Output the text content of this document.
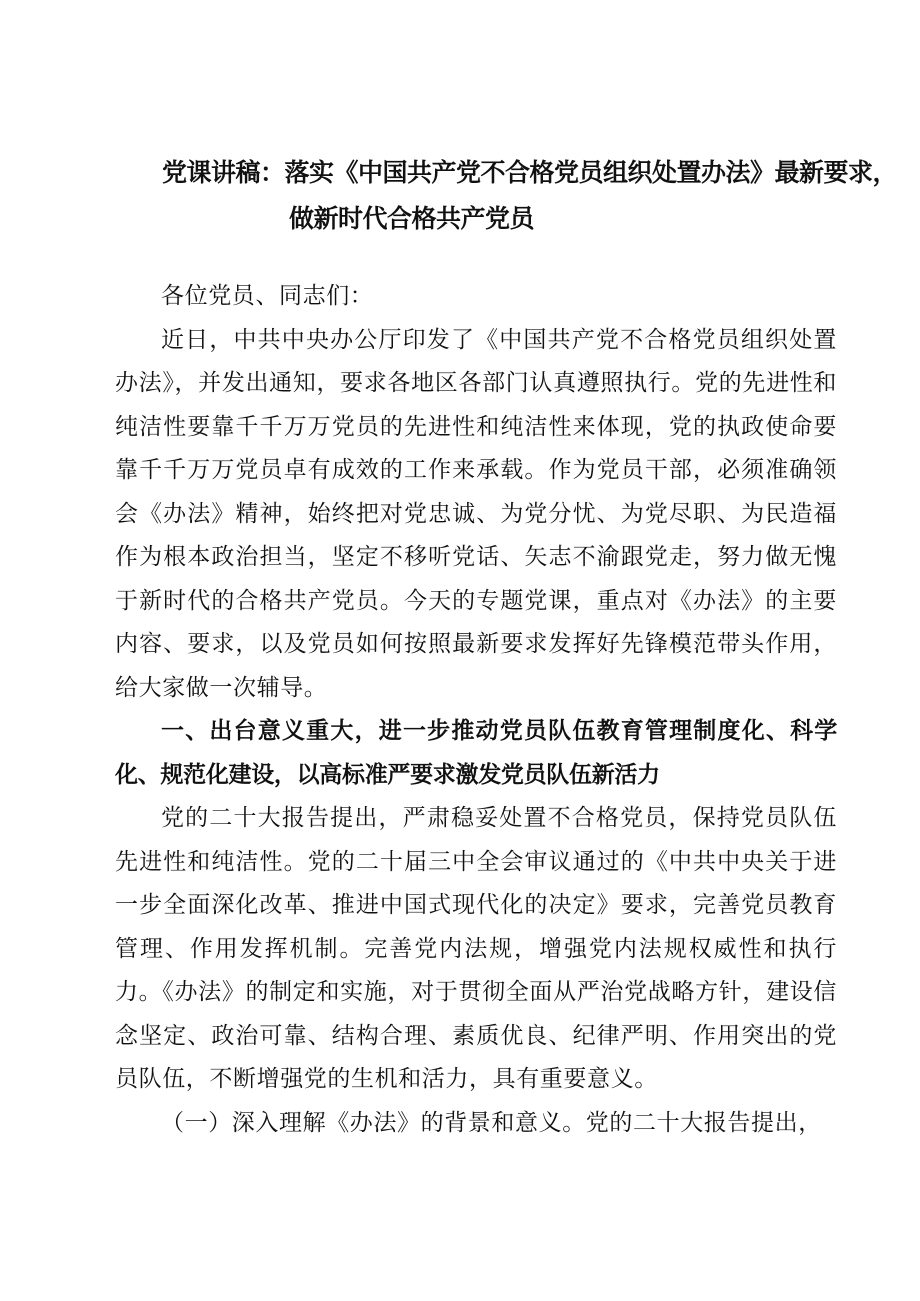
党课讲稿：落实《中国共产党不合格党员组织处置办法》最新要求，
做新时代合格共产党员

各位党员、同志们：

近日，中共中央办公厅印发了《中国共产党不合格党员组织处置办法》，并发出通知，要求各地区各部门认真遵照执行。党的先进性和纯洁性要靠千千万万党员的先进性和纯洁性来体现，党的执政使命要靠千千万万党员卓有成效的工作来承载。作为党员干部，必须准确领会《办法》精神，始终把对党忠诚、为党分忧、为党尽职、为民造福作为根本政治担当，坚定不移听党话、矢志不渝跟党走，努力做无愧于新时代的合格共产党员。今天的专题党课，重点对《办法》的主要内容、要求，以及党员如何按照最新要求发挥好先锋模范带头作用，给大家做一次辅导。

一、出台意义重大，进一步推动党员队伍教育管理制度化、科学化、规范化建设，以高标准严要求激发党员队伍新活力

党的二十大报告提出，严肃稳妥处置不合格党员，保持党员队伍先进性和纯洁性。党的二十届三中全会审议通过的《中共中央关于进一步全面深化改革、推进中国式现代化的决定》要求，完善党员教育管理、作用发挥机制。完善党内法规，增强党内法规权威性和执行力。《办法》的制定和实施，对于贯彻全面从严治党战略方针，建设信念坚定、政治可靠、结构合理、素质优良、纪律严明、作用突出的党员队伍，不断增强党的生机和活力，具有重要意义。

（一）深入理解《办法》的背景和意义。党的二十大报告提出，
